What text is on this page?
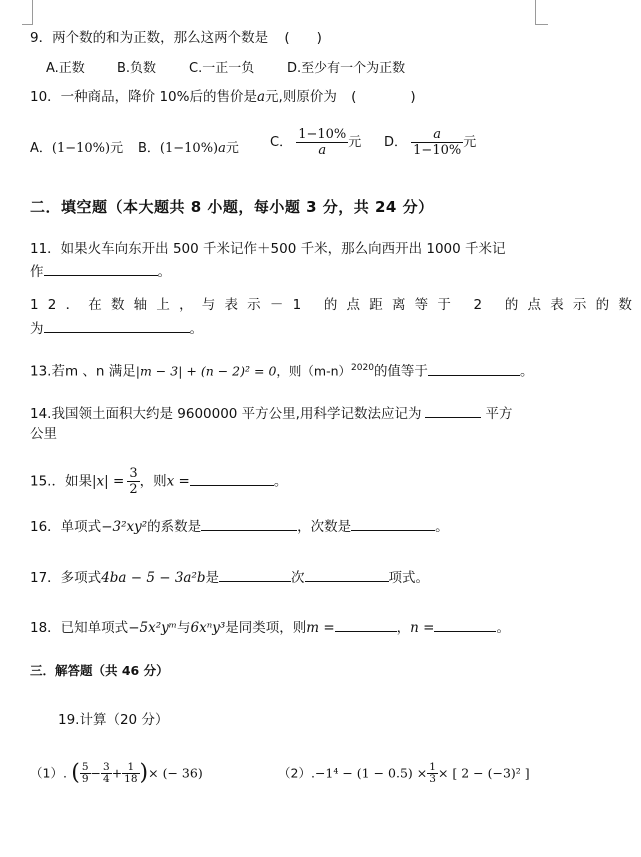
9．两个数的和为正数，那么这两个数是 (　　)
A.正数 B.负数	C.一正一负	D.至少有一个为正数
10．一种商品，降价 10%后的售价是a元,则原价为 (　　　　)
A．(1−10%)元 B．(1−10%)a元 C． $\frac{1-10\%}{a}$ 元 D． $\frac{a}{1-10\%}$ 元
二．填空题（本大题共 8 小题，每小题 3 分，共 24 分）
11．如果火车向东开出 500 千米记作＋500 千米，那么向西开出 1000 千米记
作	。
12．在数轴上，与表示－1 的点距离等于 2 的点表示的数
为	。
13.若m 、n 满足|m − 3| + (n − 2)² = 0，则$(m-n)^{2020}$的值等于	。
14.我国领土面积大约是 9600000 平方公里,用科学记数法应记为	平方
公里
15.．如果$|x| = \frac{3}{2}$ ，则x =	。
16．单项式−3²xy²的系数是	，次数是	。
17．多项式4ba − 5 − 3a²b是	次	项式。
18．已知单项式−5x²yᵐ与6xⁿy³是同类项，则m =	，n =	。
三．解答题（共 46 分）
19.计算（20 分）
（1）. ( $\frac{5}{9} - \frac{3}{4} + \frac{1}{18}$ )× (− 36)	$(2).-1^4 - (1 - 0.5) \times \frac{1}{3}$ × [ 2 − (−3)² ]
